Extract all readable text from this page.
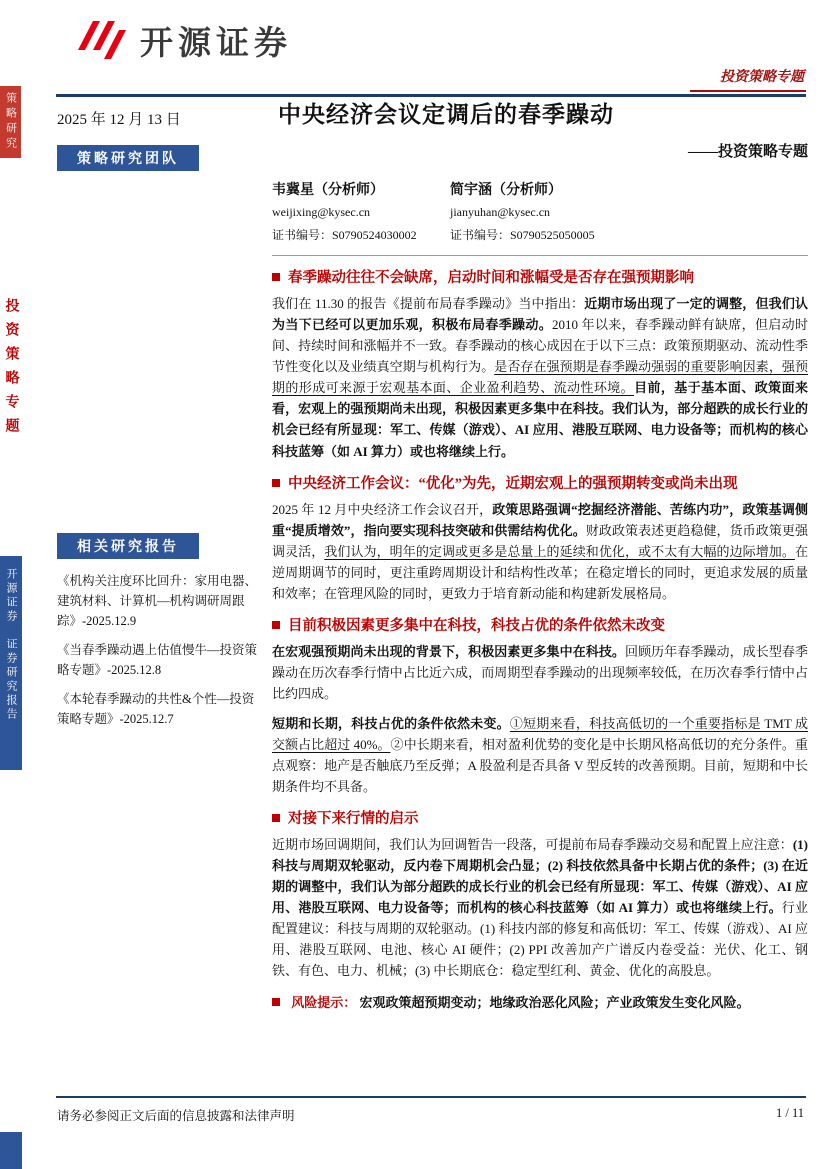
策略研究
投资策略专题
开源证券
证券研究报告
开源证券
投资策略专题
2025 年 12 月 13 日
策略研究团队
相关研究报告

《机构关注度环比回升：家用电器、建筑材料、计算机—机构调研周跟踪》-2025.12.9

《当春季躁动遇上估值慢牛—投资策略专题》-2025.12.8

《本轮春季躁动的共性&个性—投资策略专题》-2025.12.7

中央经济会议定调后的春季躁动
——投资策略专题
韦冀星（分析师）
weijixing@kysec.cn
证书编号：S0790524030002
简宇涵（分析师）
jianyuhan@kysec.cn
证书编号：S0790525050005
春季躁动往往不会缺席，启动时间和涨幅受是否存在强预期影响

我们在 11.30 的报告《提前布局春季躁动》当中指出：近期市场出现了一定的调整，但我们认为当下已经可以更加乐观，积极布局春季躁动。2010 年以来，春季躁动鲜有缺席，但启动时间、持续时间和涨幅并不一致。春季躁动的核心成因在于以下三点：政策预期驱动、流动性季节性变化以及业绩真空期与机构行为。是否存在强预期是春季躁动强弱的重要影响因素，强预期的形成可来源于宏观基本面、企业盈利趋势、流动性环境。目前，基于基本面、政策面来看，宏观上的强预期尚未出现，积极因素更多集中在科技。我们认为，部分超跌的成长行业的机会已经有所显现：军工、传媒（游戏）、AI 应用、港股互联网、电力设备等；而机构的核心科技蓝筹（如 AI 算力）或也将继续上行。

中央经济工作会议：“优化”为先，近期宏观上的强预期转变或尚未出现

2025 年 12 月中央经济工作会议召开，政策思路强调“挖掘经济潜能、苦练内功”，政策基调侧重“提质增效”，指向要实现科技突破和供需结构优化。财政政策表述更趋稳健，货币政策更强调灵活，我们认为，明年的定调或更多是总量上的延续和优化，或不太有大幅的边际增加。在逆周期调节的同时，更注重跨周期设计和结构性改革；在稳定增长的同时，更追求发展的质量和效率；在管理风险的同时，更致力于培育新动能和构建新发展格局。

目前积极因素更多集中在科技，科技占优的条件依然未改变

在宏观强预期尚未出现的背景下，积极因素更多集中在科技。回顾历年春季躁动，成长型春季躁动在历次春季行情中占比近六成，而周期型春季躁动的出现频率较低，在历次春季行情中占比约四成。

短期和长期，科技占优的条件依然未变。①短期来看，科技高低切的一个重要指标是 TMT 成交额占比超过 40%。②中长期来看，相对盈利优势的变化是中长期风格高低切的充分条件。重点观察：地产是否触底乃至反弹；A 股盈利是否具备 V 型反转的改善预期。目前，短期和中长期条件均不具备。

对接下来行情的启示

近期市场回调期间，我们认为回调暂告一段落，可提前布局春季躁动交易和配置上应注意：(1) 科技与周期双轮驱动，反内卷下周期机会凸显；(2) 科技依然具备中长期占优的条件；(3) 在近期的调整中，我们认为部分超跌的成长行业的机会已经有所显现：军工、传媒（游戏）、AI 应用、港股互联网、电力设备等；而机构的核心科技蓝筹（如 AI 算力）或也将继续上行。行业配置建议：科技与周期的双轮驱动。(1) 科技内部的修复和高低切：军工、传媒（游戏）、AI 应用、港股互联网、电池、核心 AI 硬件；(2) PPI 改善加产广谱反内卷受益：光伏、化工、钢铁、有色、电力、机械；(3) 中长期底仓：稳定型红利、黄金、优化的高股息。

风险提示： 宏观政策超预期变动；地缘政治恶化风险；产业政策发生变化风险。

请务必参阅正文后面的信息披露和法律声明	1 / 11
